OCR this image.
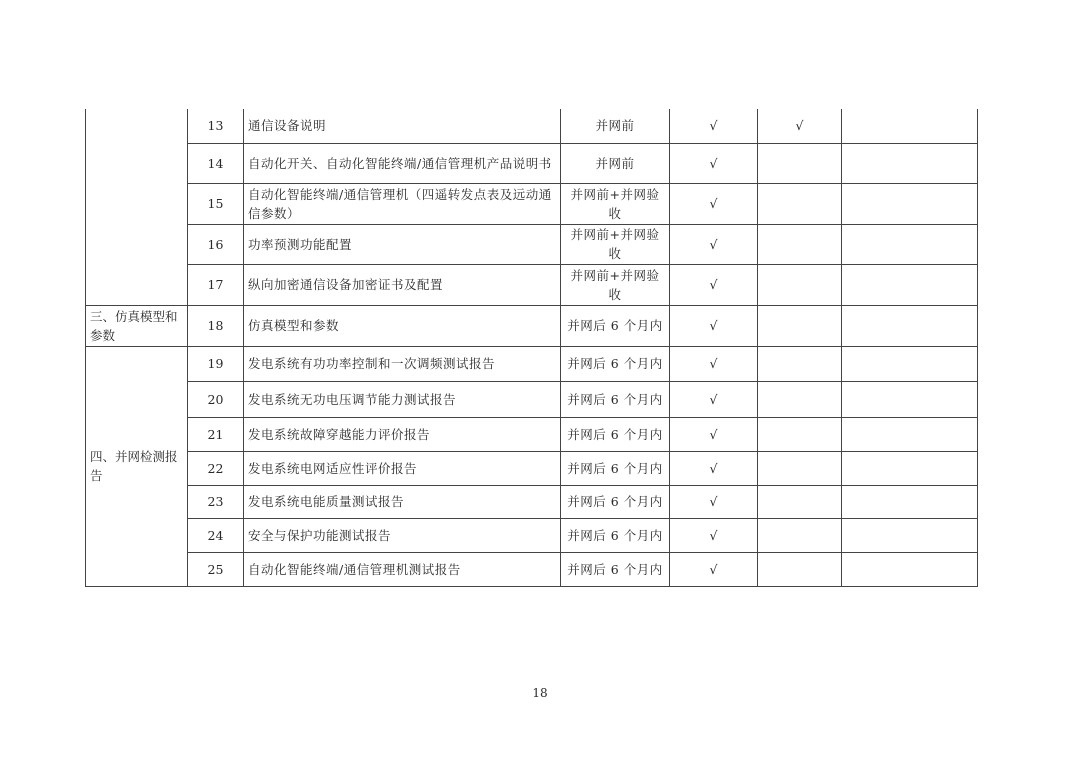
	13	通信设备说明	并网前	√	√	
	14	自动化开关、自动化智能终端/通信管理机产品说明书	并网前	√		
	15	自动化智能终端/通信管理机（四遥转发点表及远动通信参数）	并网前+并网验收	√		
	16	功率预测功能配置	并网前+并网验收	√		
	17	纵向加密通信设备加密证书及配置	并网前+并网验收	√		
三、仿真模型和参数	18	仿真模型和参数	并网后 6 个月内	√		
四、并网检测报告	19	发电系统有功功率控制和一次调频测试报告	并网后 6 个月内	√		
	20	发电系统无功电压调节能力测试报告	并网后 6 个月内	√		
	21	发电系统故障穿越能力评价报告	并网后 6 个月内	√		
	22	发电系统电网适应性评价报告	并网后 6 个月内	√		
	23	发电系统电能质量测试报告	并网后 6 个月内	√		
	24	安全与保护功能测试报告	并网后 6 个月内	√		
	25	自动化智能终端/通信管理机测试报告	并网后 6 个月内	√		
18
